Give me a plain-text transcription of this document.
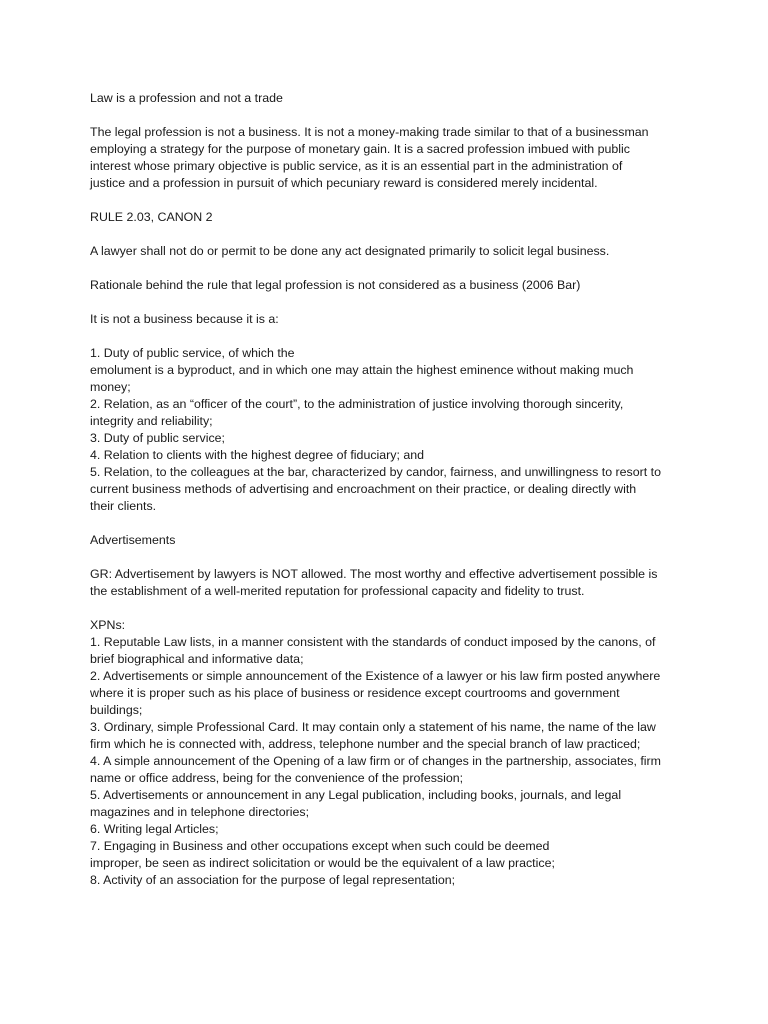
Law is a profession and not a trade

The legal profession is not a business. It is not a money-making trade similar to that of a businessman
employing a strategy for the purpose of monetary gain. It is a sacred profession imbued with public
interest whose primary objective is public service, as it is an essential part in the administration of
justice and a profession in pursuit of which pecuniary reward is considered merely incidental.

RULE 2.03, CANON 2

A lawyer shall not do or permit to be done any act designated primarily to solicit legal business.

Rationale behind the rule that legal profession is not considered as a business (2006 Bar)

It is not a business because it is a:

1. Duty of public service, of which the
emolument is a byproduct, and in which one may attain the highest eminence without making much
money;
2. Relation, as an “officer of the court”, to the administration of justice involving thorough sincerity,
integrity and reliability;
3. Duty of public service;
4. Relation to clients with the highest degree of fiduciary; and
5. Relation, to the colleagues at the bar, characterized by candor, fairness, and unwillingness to resort to
current business methods of advertising and encroachment on their practice, or dealing directly with
their clients.

Advertisements

GR: Advertisement by lawyers is NOT allowed. The most worthy and effective advertisement possible is
the establishment of a well-merited reputation for professional capacity and fidelity to trust.

XPNs:
1. Reputable Law lists, in a manner consistent with the standards of conduct imposed by the canons, of
brief biographical and informative data;
2. Advertisements or simple announcement of the Existence of a lawyer or his law firm posted anywhere
where it is proper such as his place of business or residence except courtrooms and government
buildings;
3. Ordinary, simple Professional Card. It may contain only a statement of his name, the name of the law
firm which he is connected with, address, telephone number and the special branch of law practiced;
4. A simple announcement of the Opening of a law firm or of changes in the partnership, associates, firm
name or office address, being for the convenience of the profession;
5. Advertisements or announcement in any Legal publication, including books, journals, and legal
magazines and in telephone directories;
6. Writing legal Articles;
7. Engaging in Business and other occupations except when such could be deemed
improper, be seen as indirect solicitation or would be the equivalent of a law practice;
8. Activity of an association for the purpose of legal representation;
